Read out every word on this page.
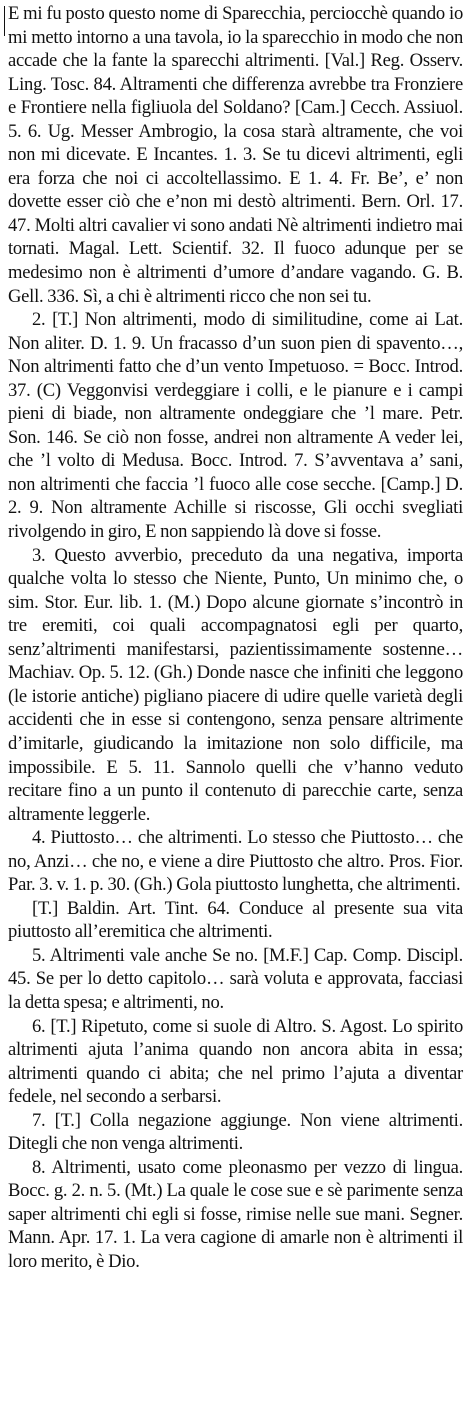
E mi fu posto questo nome di Sparecchia, perciocchè quando io mi metto intorno a una tavola, io la sparecchio in modo che non accade che la fante la sparecchi altrimenti. [Val.] Reg. Osserv. Ling. Tosc. 84. Altramenti che differenza avrebbe tra Fronziere e Frontiere nella figliuola del Soldano? [Cam.] Cecch. Assiuol. 5. 6. Ug. Messer Ambrogio, la cosa starà altramente, che voi non mi dicevate. E Incantes. 1. 3. Se tu dicevi altrimenti, egli era forza che noi ci accoltellassimo. E 1. 4. Fr. Be’, e’ non dovette esser ciò che e’non mi destò altrimenti. Bern. Orl. 17. 47. Molti altri cavalier vi sono andati Nè altrimenti indietro mai tornati. Magal. Lett. Scientif. 32. Il fuoco adunque per se medesimo non è altrimenti d’umore d’andare vagando. G. B. Gell. 336. Sì, a chi è altrimenti ricco che non sei tu.

2. [T.] Non altrimenti, modo di similitudine, come ai Lat. Non aliter. D. 1. 9. Un fracasso d’un suon pien di spavento…, Non altrimenti fatto che d’un vento Impetuoso. = Bocc. Introd. 37. (C) Veggonvisi verdeggiare i colli, e le pianure e i campi pieni di biade, non altramente ondeggiare che ’l mare. Petr. Son. 146. Se ciò non fosse, andrei non altramente A veder lei, che ’l volto di Medusa. Bocc. Introd. 7. S’avventava a’ sani, non altrimenti che faccia ’l fuoco alle cose secche. [Camp.] D. 2. 9. Non altramente Achille si riscosse, Gli occhi svegliati rivolgendo in giro, E non sappiendo là dove si fosse.

3. Questo avverbio, preceduto da una negativa, importa qualche volta lo stesso che Niente, Punto, Un minimo che, o sim. Stor. Eur. lib. 1. (M.) Dopo alcune giornate s’incontrò in tre eremiti, coi quali accompagnatosi egli per quarto, senz’altrimenti manifestarsi, pazientissimamente sostenne… Machiav. Op. 5. 12. (Gh.) Donde nasce che infiniti che leggono (le istorie antiche) pigliano piacere di udire quelle varietà degli accidenti che in esse si contengono, senza pensare altrimente d’imitarle, giudicando la imitazione non solo difficile, ma impossibile. E 5. 11. Sannolo quelli che v’hanno veduto recitare fino a un punto il contenuto di parecchie carte, senza altramente leggerle.

4. Piuttosto… che altrimenti. Lo stesso che Piuttosto… che no, Anzi… che no, e viene a dire Piuttosto che altro. Pros. Fior. Par. 3. v. 1. p. 30. (Gh.) Gola piuttosto lunghetta, che altrimenti.

[T.] Baldin. Art. Tint. 64. Conduce al presente sua vita piuttosto all’eremitica che altrimenti.

5. Altrimenti vale anche Se no. [M.F.] Cap. Comp. Discipl. 45. Se per lo detto capitolo… sarà voluta e approvata, facciasi la detta spesa; e altrimenti, no.

6. [T.] Ripetuto, come si suole di Altro. S. Agost. Lo spirito altrimenti ajuta l’anima quando non ancora abita in essa; altrimenti quando ci abita; che nel primo l’ajuta a diventar fedele, nel secondo a serbarsi.

7. [T.] Colla negazione aggiunge. Non viene altrimenti. Ditegli che non venga altrimenti.

8. Altrimenti, usato come pleonasmo per vezzo di lingua. Bocc. g. 2. n. 5. (Mt.) La quale le cose sue e sè parimente senza saper altrimenti chi egli si fosse, rimise nelle sue mani. Segner. Mann. Apr. 17. 1. La vera cagione di amarle non è altrimenti il loro merito, è Dio.
